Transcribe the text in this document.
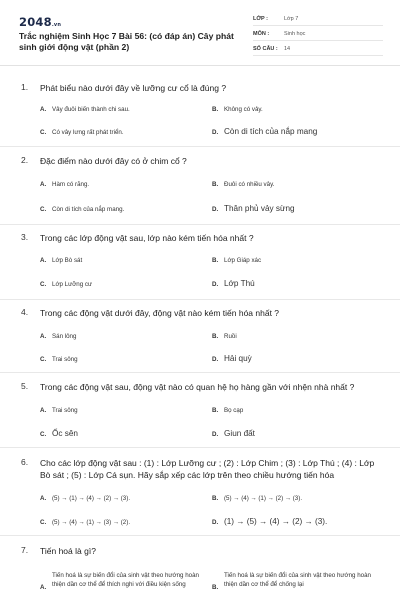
2048.vn
Trắc nghiệm Sinh Học 7 Bài 56: (có đáp án) Cây phát sinh giới động vật (phần 2)
LỚP :	Lớp 7
MÔN :	Sinh học
SỐ CÂU : 14
1. Phát biểu nào dưới đây về lưỡng cư cổ là đúng ?
A. Vây đuôi biến thành chi sau.	B. Không có vảy.
C. Có vây lưng rất phát triển.	D. Còn di tích của nắp mang
2. Đặc điểm nào dưới đây có ở chim cổ ?
A. Hàm có răng.	B. Đuôi có nhiều vây.
C. Còn di tích của nắp mang.	D. Thân phủ vảy sừng
3. Trong các lớp động vật sau, lớp nào kém tiến hóa nhất ?
A. Lớp Bò sát	B. Lớp Giáp xác
C. Lớp Lưỡng cư	D. Lớp Thú
4. Trong các động vật dưới đây, động vật nào kém tiến hóa nhất ?
A. Sán lông	B. Ruồi
C. Trai sông	D. Hải quỳ
5. Trong các động vật sau, động vật nào có quan hệ họ hàng gần với nhện nhà nhất ?
A. Trai sông	B. Bọ cạp
C. Ốc sên	D. Giun đất
6. Cho các lớp động vật sau : (1) : Lớp Lưỡng cư ; (2) : Lớp Chim ; (3) : Lớp Thú ; (4) : Lớp Bò sát ; (5) : Lớp Cá sụn. Hãy sắp xếp các lớp trên theo chiều hướng tiến hóa
A. (5) → (1) → (4) → (2) → (3).	B. (5) → (4) → (1) → (2) → (3).
C. (5) → (4) → (1) → (3) → (2).	D. (1) → (5) → (4) → (2) → (3).
7. Tiến hoá là gì?
A.
Tiến hoá là sự biến đổi của sinh vật theo hướng hoàn thiện dần cơ thể để thích nghi với điều kiện sống	B.
Tiến hoá là sự biến đổi của sinh vật theo hướng hoàn thiện dần cơ thể để chống lại
